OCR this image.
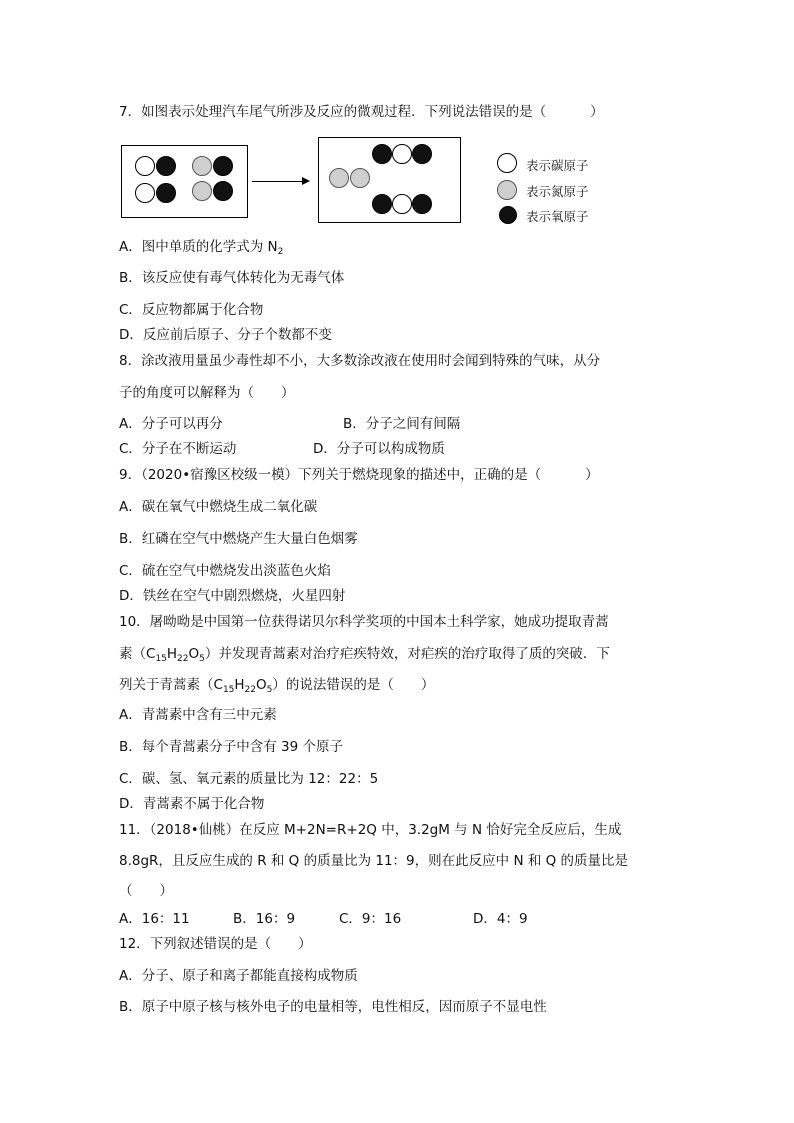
7．如图表示处理汽车尾气所涉及反应的微观过程．下列说法错误的是（	）
表示碳原子
表示氮原子
表示氧原子
A．图中单质的化学式为 $N_2$
B．该反应使有毒气体转化为无毒气体
C．反应物都属于化合物
D．反应前后原子、分子个数都不变
8．涂改液用量虽少毒性却不小，大多数涂改液在使用时会闻到特殊的气味，从分
子的角度可以解释为（　　）
A．分子可以再分	B．分子之间有间隔
C．分子在不断运动	D．分子可以构成物质
9．（2020•宿豫区校级一模）下列关于燃烧现象的描述中，正确的是（	）
A．碳在氧气中燃烧生成二氧化碳
B．红磷在空气中燃烧产生大量白色烟雾
C．硫在空气中燃烧发出淡蓝色火焰
D．铁丝在空气中剧烈燃烧，火星四射
10．屠呦呦是中国第一位获得诺贝尔科学奖项的中国本土科学家，她成功提取青蒿
素$(C_{15}H_{22}O_5)$并发现青蒿素对治疗疟疾特效，对疟疾的治疗取得了质的突破．下
列关于青蒿素$(C_{15}H_{22}O_5)$的说法错误的是（　　）
A．青蒿素中含有三中元素
B．每个青蒿素分子中含有 39 个原子
C．碳、氢、氧元素的质量比为 12：22：5
D．青蒿素不属于化合物
11．（2018•仙桃）在反应 M+2N=R+2Q 中，3.2gM 与 N 恰好完全反应后，生成
8.8gR，且反应生成的 R 和 Q 的质量比为 11：9，则在此反应中 N 和 Q 的质量比是
（　　）
A．16：11	B．16：9	C．9：16	D．4：9
12．下列叙述错误的是（　　）
A．分子、原子和离子都能直接构成物质
B．原子中原子核与核外电子的电量相等，电性相反，因而原子不显电性
